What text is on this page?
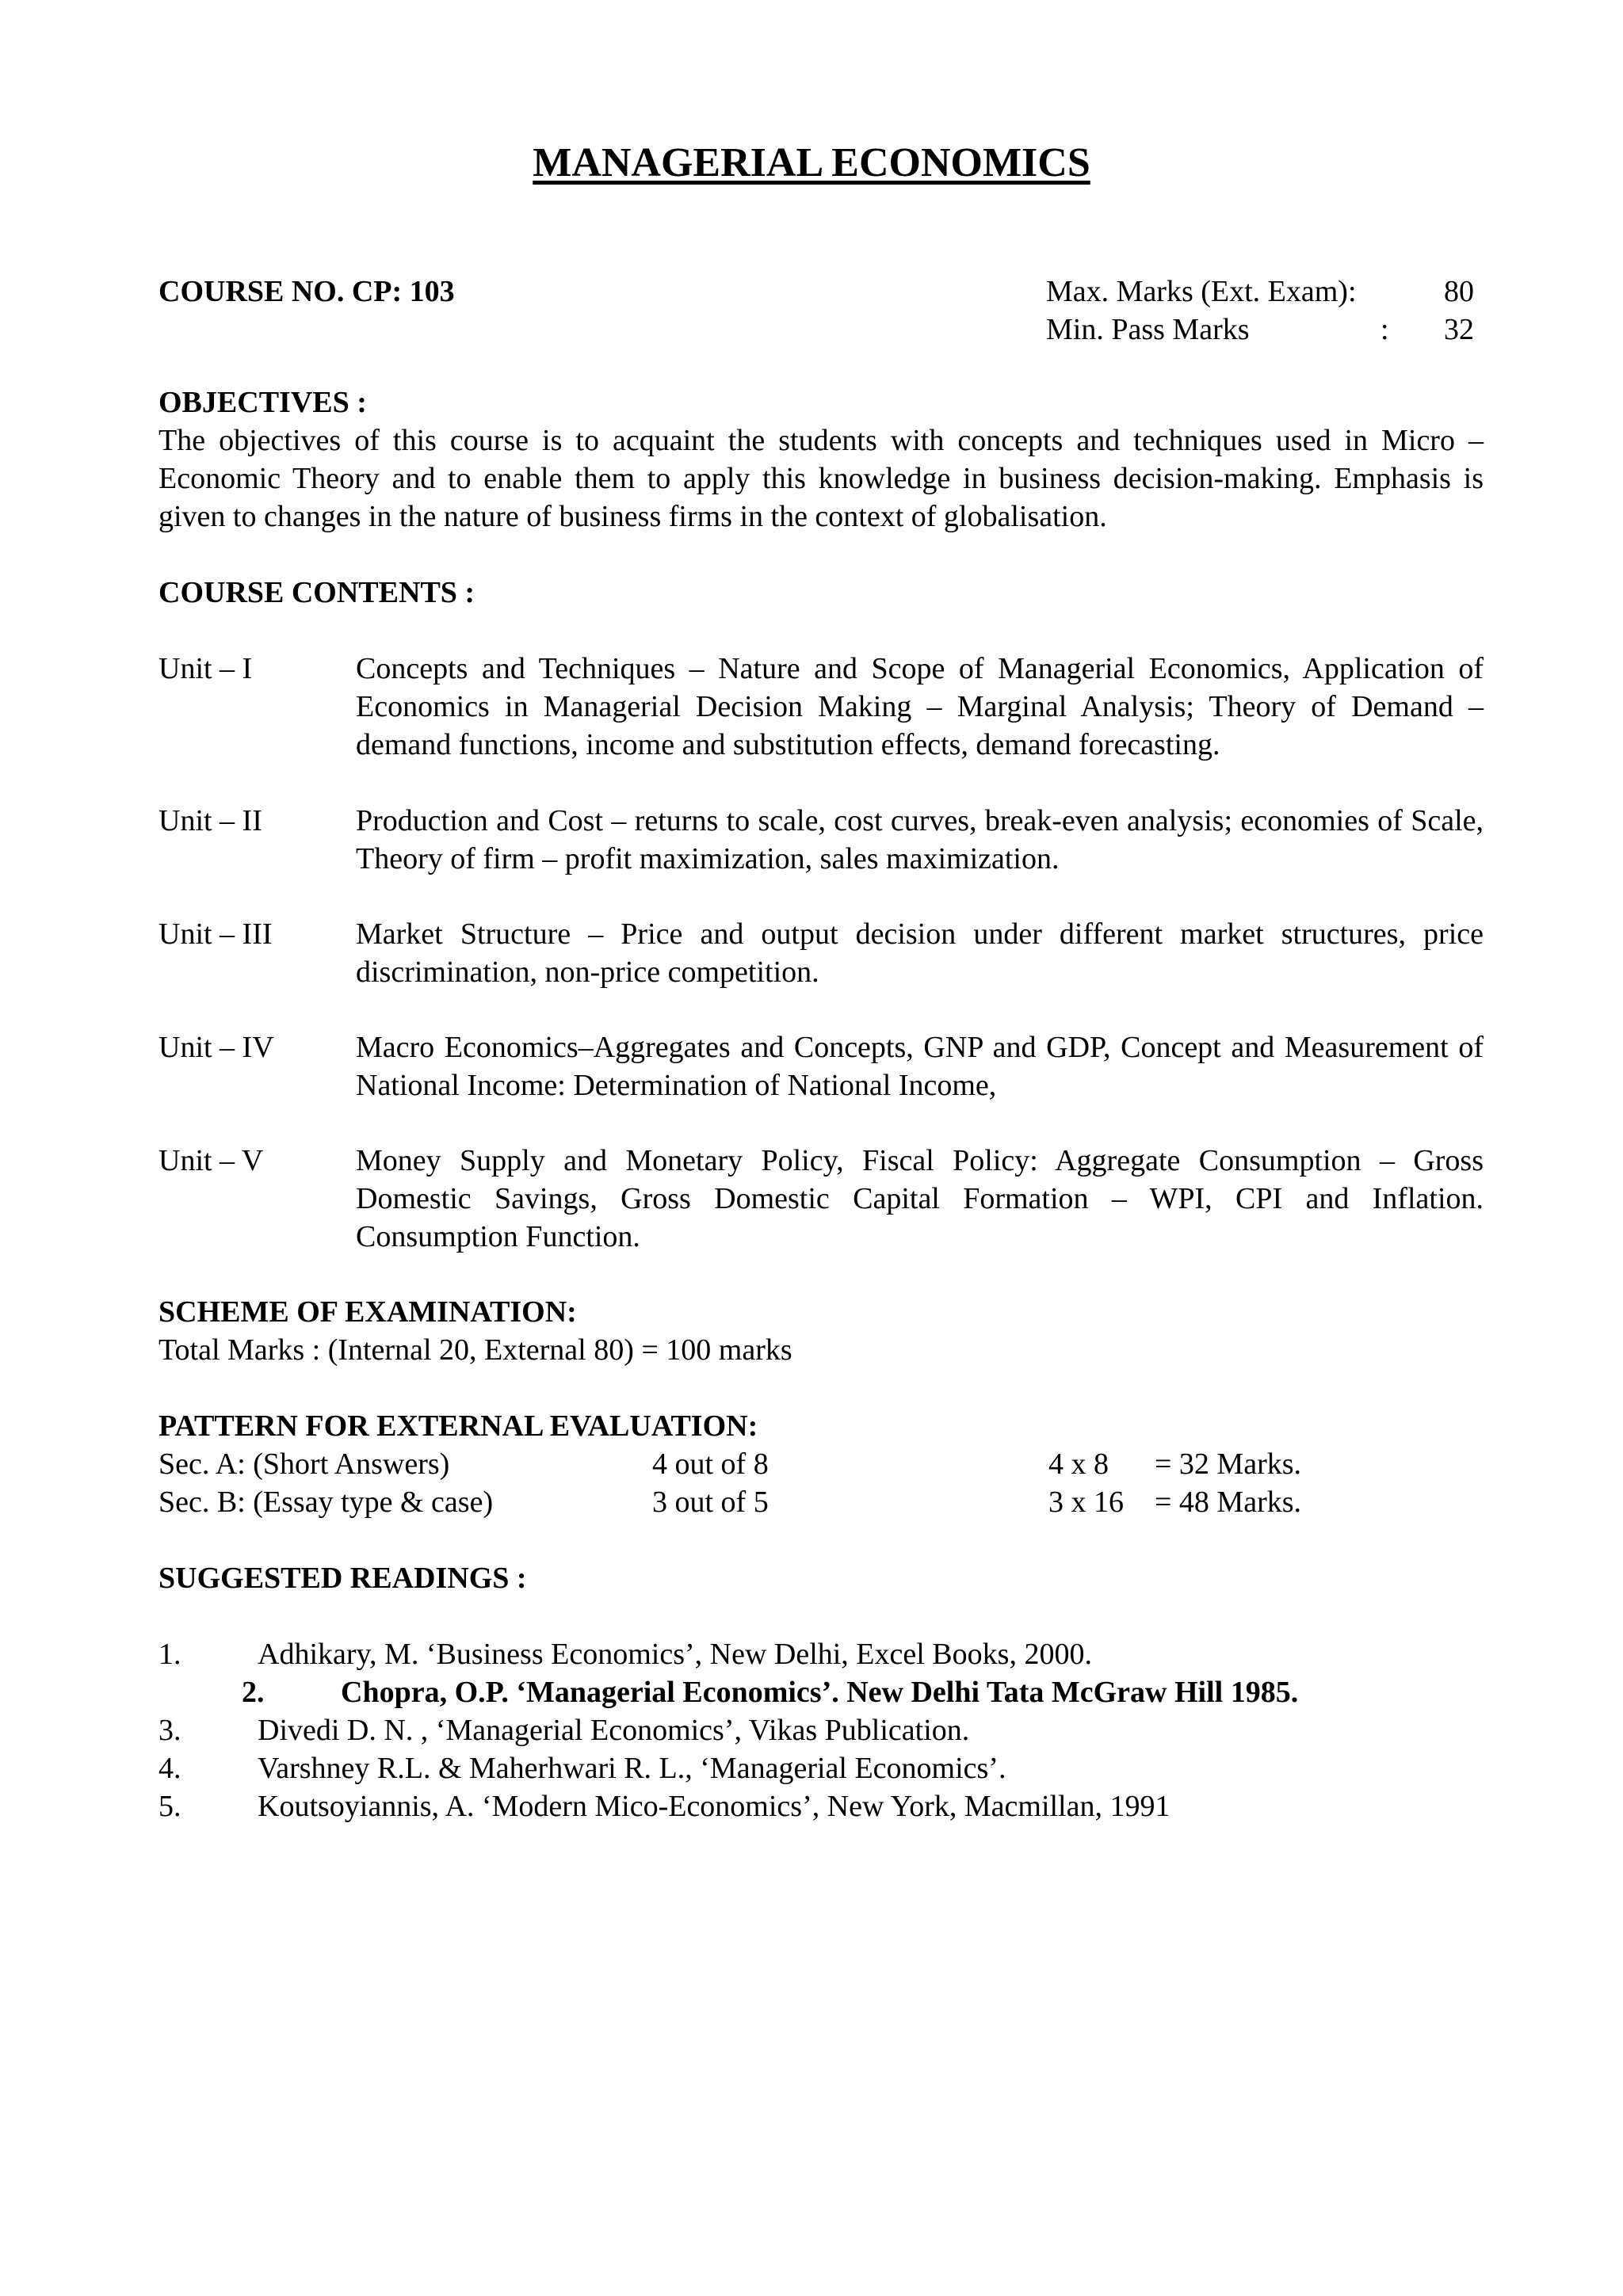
MANAGERIAL ECONOMICS
COURSE NO. CP: 103	Max. Marks (Ext. Exam):	80
Min. Pass Marks	:	32
OBJECTIVES :
The objectives of this course is to acquaint the students with concepts and techniques used in Micro – Economic Theory and to enable them to apply this knowledge in business decision-making. Emphasis is given to changes in the nature of business firms in the context of globalisation.
COURSE CONTENTS :
Unit – I	Concepts and Techniques – Nature and Scope of Managerial Economics, Application of Economics in Managerial Decision Making – Marginal Analysis; Theory of Demand – demand functions, income and substitution effects, demand forecasting.
Unit – II	Production and Cost – returns to scale, cost curves, break-even analysis; economies of Scale, Theory of firm – profit maximization, sales maximization.
Unit – III	Market Structure – Price and output decision under different market structures, price discrimination, non-price competition.
Unit – IV	Macro Economics–Aggregates and Concepts, GNP and GDP, Concept and Measurement of National Income: Determination of National Income,
Unit – V	Money Supply and Monetary Policy, Fiscal Policy: Aggregate Consumption – Gross Domestic Savings, Gross Domestic Capital Formation – WPI, CPI and Inflation. Consumption Function.
SCHEME OF EXAMINATION:
Total Marks : (Internal 20, External 80) = 100 marks
PATTERN FOR EXTERNAL EVALUATION:
Sec. A: (Short Answers)	4 out of 8	4 x 8 = 32 Marks.
Sec. B: (Essay type & case)	3 out of 5	3 x 16 = 48 Marks.
SUGGESTED READINGS :
1.	Adhikary, M. ‘Business Economics’, New Delhi, Excel Books, 2000.
2.	Chopra, O.P. ‘Managerial Economics’. New Delhi Tata McGraw Hill 1985.
3.	Divedi D. N. , ‘Managerial Economics’, Vikas Publication.
4.	Varshney R.L. & Maherhwari R. L., ‘Managerial Economics’.
5.	Koutsoyiannis, A. ‘Modern Mico-Economics’, New York, Macmillan, 1991
